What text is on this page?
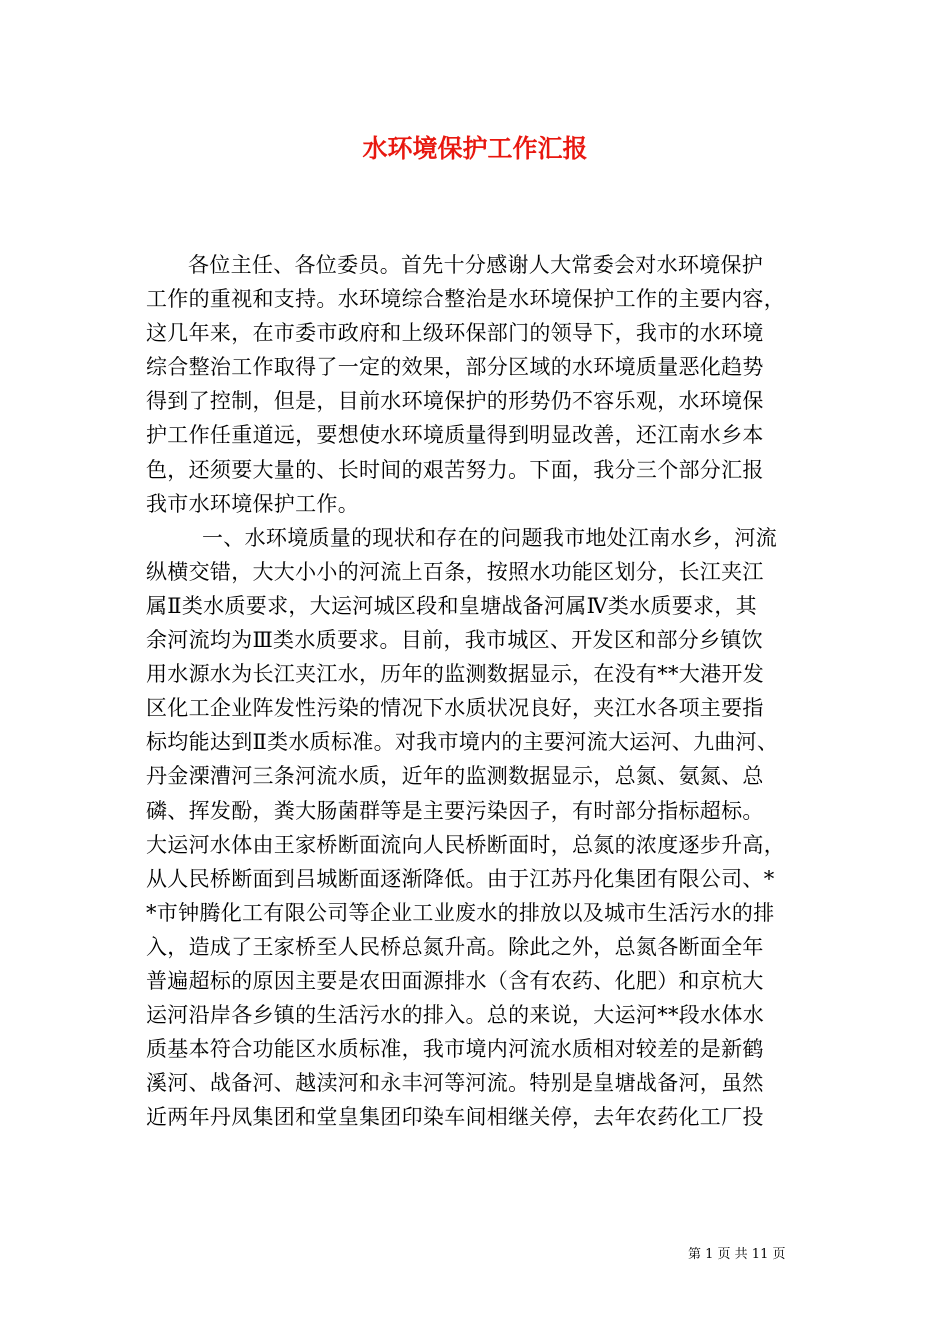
水环境保护工作汇报
各位主任、各位委员。首先十分感谢人大常委会对水环境保护
工作的重视和支持。水环境综合整治是水环境保护工作的主要内容，
这几年来，在市委市政府和上级环保部门的领导下，我市的水环境
综合整治工作取得了一定的效果，部分区域的水环境质量恶化趋势
得到了控制，但是，目前水环境保护的形势仍不容乐观，水环境保
护工作任重道远，要想使水环境质量得到明显改善，还江南水乡本
色，还须要大量的、长时间的艰苦努力。下面，我分三个部分汇报
我市水环境保护工作。
一、水环境质量的现状和存在的问题我市地处江南水乡，河流
纵横交错，大大小小的河流上百条，按照水功能区划分，长江夹江
属Ⅱ类水质要求，大运河城区段和皇塘战备河属Ⅳ类水质要求，其
余河流均为Ⅲ类水质要求。目前，我市城区、开发区和部分乡镇饮
用水源水为长江夹江水，历年的监测数据显示，在没有**大港开发
区化工企业阵发性污染的情况下水质状况良好，夹江水各项主要指
标均能达到Ⅱ类水质标准。对我市境内的主要河流大运河、九曲河、
丹金溧漕河三条河流水质，近年的监测数据显示，总氮、氨氮、总
磷、挥发酚，粪大肠菌群等是主要污染因子，有时部分指标超标。
大运河水体由王家桥断面流向人民桥断面时，总氮的浓度逐步升高，
从人民桥断面到吕城断面逐渐降低。由于江苏丹化集团有限公司、*
*市钟腾化工有限公司等企业工业废水的排放以及城市生活污水的排
入，造成了王家桥至人民桥总氮升高。除此之外，总氮各断面全年
普遍超标的原因主要是农田面源排水（含有农药、化肥）和京杭大
运河沿岸各乡镇的生活污水的排入。总的来说，大运河**段水体水
质基本符合功能区水质标准，我市境内河流水质相对较差的是新鹤
溪河、战备河、越渎河和永丰河等河流。特别是皇塘战备河，虽然
近两年丹凤集团和堂皇集团印染车间相继关停，去年农药化工厂投
第 1 页 共 11 页
